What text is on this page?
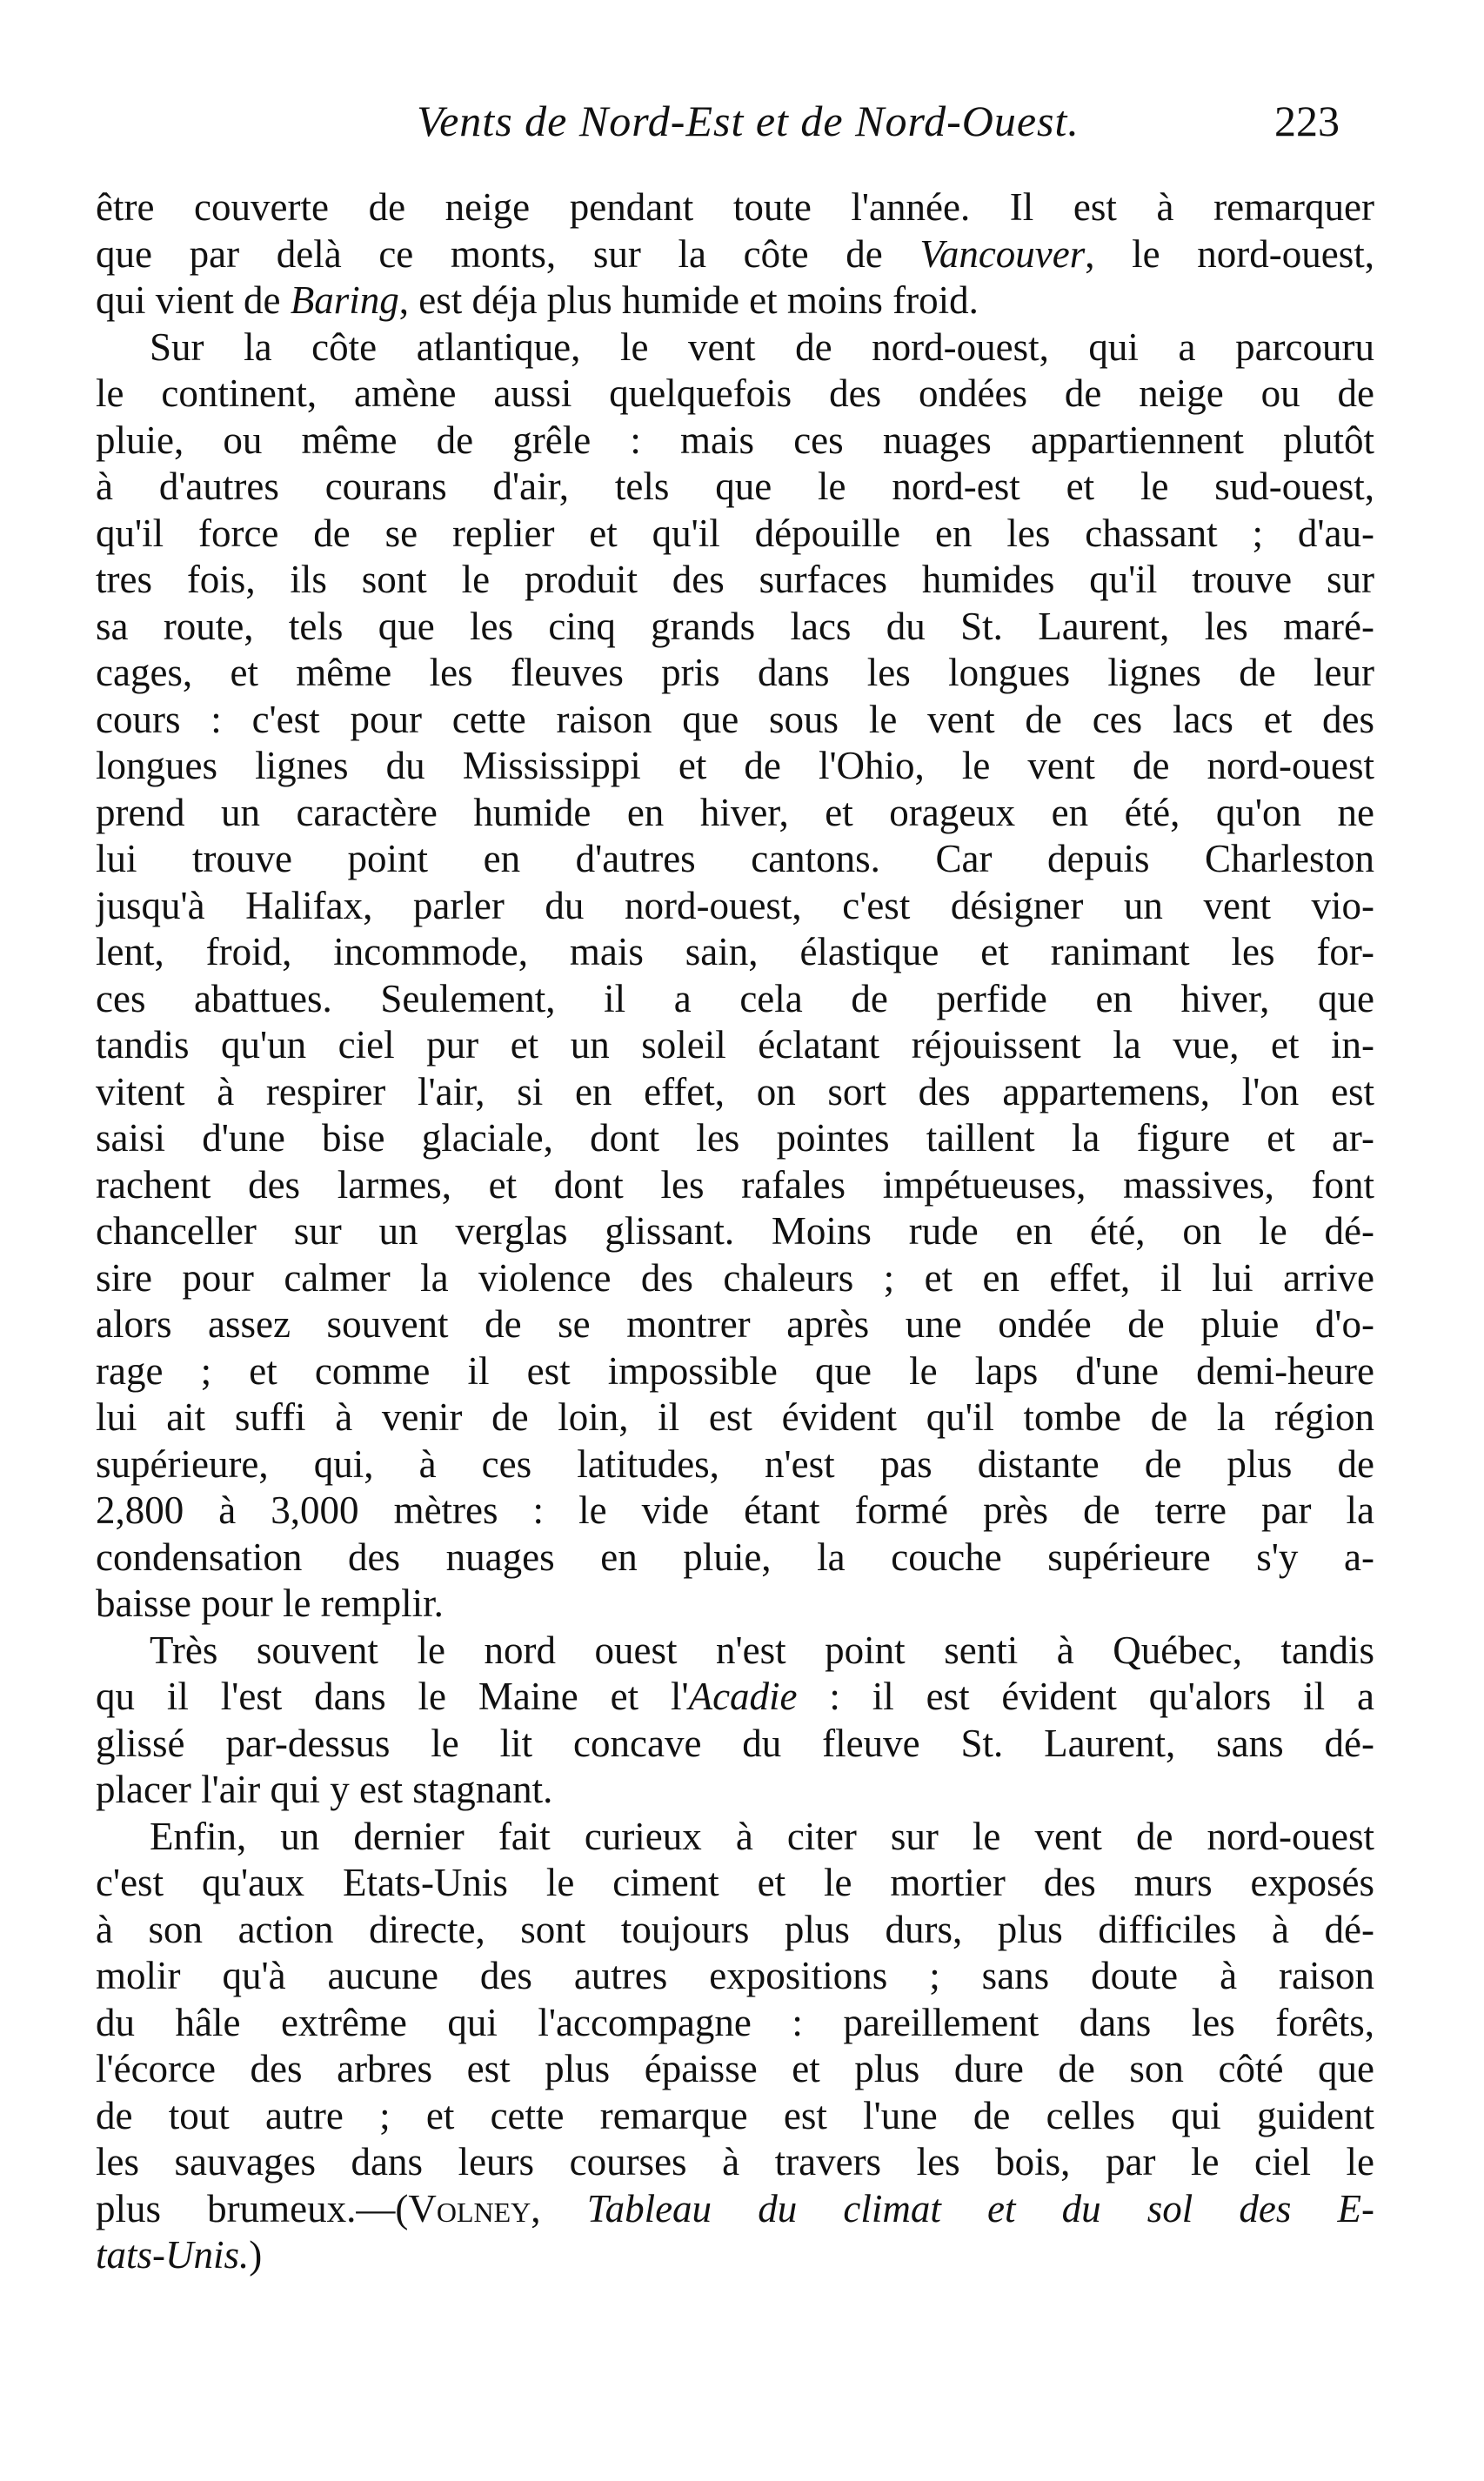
Vents de Nord-Est et de Nord-Ouest.	223
être couverte de neige pendant toute l'année. Il est à remarquer
que par delà ce monts, sur la côte de Vancouver, le nord-ouest,
qui vient de Baring, est déja plus humide et moins froid.
Sur la côte atlantique, le vent de nord-ouest, qui a parcouru
le continent, amène aussi quelquefois des ondées de neige ou de
pluie, ou même de grêle : mais ces nuages appartiennent plutôt
à d'autres courans d'air, tels que le nord-est et le sud-ouest,
qu'il force de se replier et qu'il dépouille en les chassant ; d'au-
tres fois, ils sont le produit des surfaces humides qu'il trouve sur
sa route, tels que les cinq grands lacs du St. Laurent, les maré-
cages, et même les fleuves pris dans les longues lignes de leur
cours : c'est pour cette raison que sous le vent de ces lacs et des
longues lignes du Mississippi et de l'Ohio, le vent de nord-ouest
prend un caractère humide en hiver, et orageux en été, qu'on ne
lui trouve point en d'autres cantons. Car depuis Charleston
jusqu'à Halifax, parler du nord-ouest, c'est désigner un vent vio-
lent, froid, incommode, mais sain, élastique et ranimant les for-
ces abattues. Seulement, il a cela de perfide en hiver, que
tandis qu'un ciel pur et un soleil éclatant réjouissent la vue, et in-
vitent à respirer l'air, si en effet, on sort des appartemens, l'on est
saisi d'une bise glaciale, dont les pointes taillent la figure et ar-
rachent des larmes, et dont les rafales impétueuses, massives, font
chanceller sur un verglas glissant. Moins rude en été, on le dé-
sire pour calmer la violence des chaleurs ; et en effet, il lui arrive
alors assez souvent de se montrer après une ondée de pluie d'o-
rage ; et comme il est impossible que le laps d'une demi-heure
lui ait suffi à venir de loin, il est évident qu'il tombe de la région
supérieure, qui, à ces latitudes, n'est pas distante de plus de
2,800 à 3,000 mètres : le vide étant formé près de terre par la
condensation des nuages en pluie, la couche supérieure s'y a-
baisse pour le remplir.
Très souvent le nord ouest n'est point senti à Québec, tandis
qu il l'est dans le Maine et l'Acadie : il est évident qu'alors il a
glissé par-dessus le lit concave du fleuve St. Laurent, sans dé-
placer l'air qui y est stagnant.
Enfin, un dernier fait curieux à citer sur le vent de nord-ouest
c'est qu'aux Etats-Unis le ciment et le mortier des murs exposés
à son action directe, sont toujours plus durs, plus difficiles à dé-
molir qu'à aucune des autres expositions ; sans doute à raison
du hâle extrême qui l'accompagne : pareillement dans les forêts,
l'écorce des arbres est plus épaisse et plus dure de son côté que
de tout autre ; et cette remarque est l'une de celles qui guident
les sauvages dans leurs courses à travers les bois, par le ciel le
plus brumeux.—(Volney, Tableau du climat et du sol des E-
tats-Unis.)
